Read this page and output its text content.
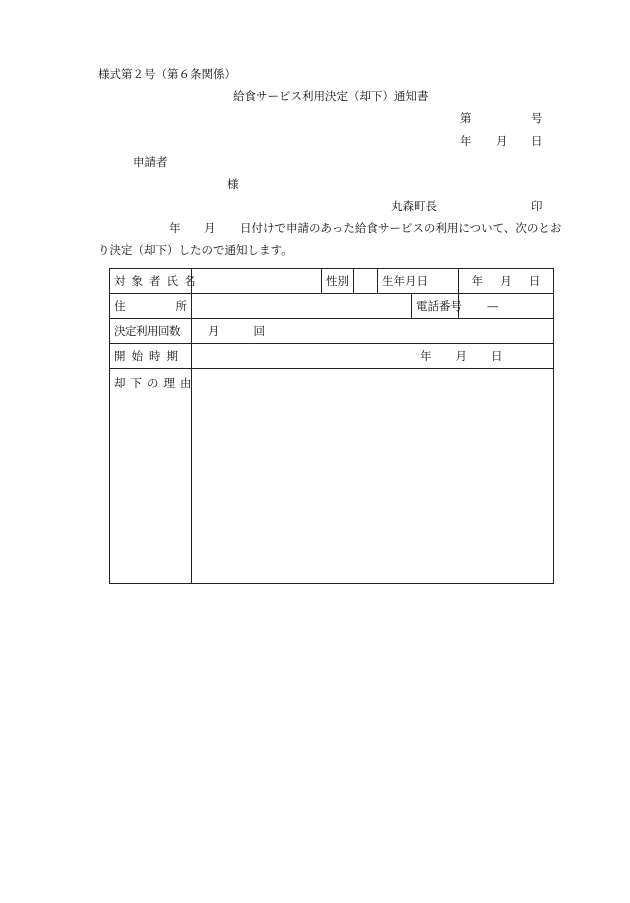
様式第２号（第６条関係）
給食サービス利用決定（却下）通知書
第	号
年 月 日
申請者
様
丸森町長	印
年 月 日付けで申請のあった給食サービスの利用について、次のとお
り決定（却下）したので通知します。
対象者氏名		性別		生年月日		年 月 日

住 所					電話番号	—
決定利用回数	月 回					

開始時期	年 月 日					

却下の理由						
